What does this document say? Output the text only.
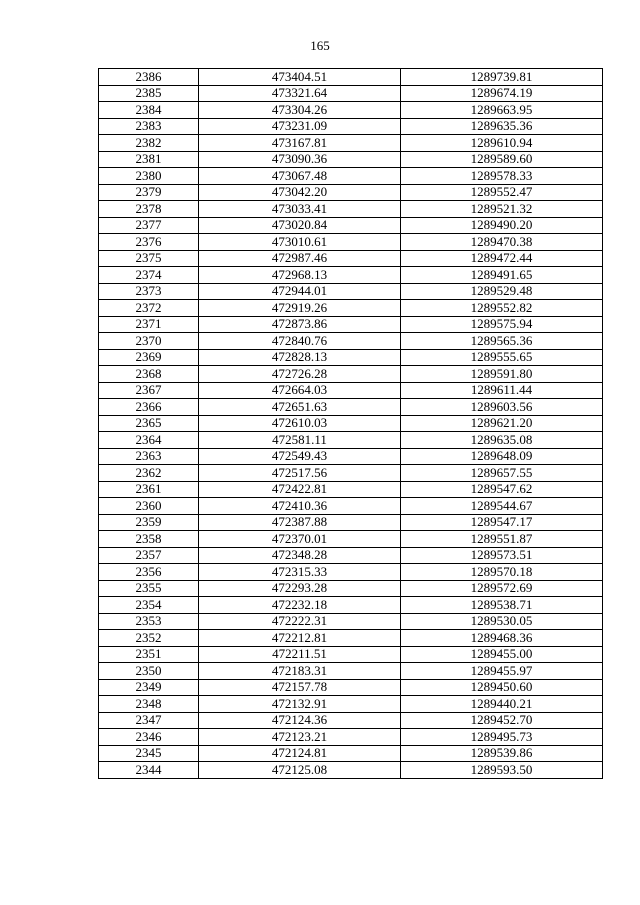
165
2386	473404.51	1289739.81
2385	473321.64	1289674.19
2384	473304.26	1289663.95
2383	473231.09	1289635.36
2382	473167.81	1289610.94
2381	473090.36	1289589.60
2380	473067.48	1289578.33
2379	473042.20	1289552.47
2378	473033.41	1289521.32
2377	473020.84	1289490.20
2376	473010.61	1289470.38
2375	472987.46	1289472.44
2374	472968.13	1289491.65
2373	472944.01	1289529.48
2372	472919.26	1289552.82
2371	472873.86	1289575.94
2370	472840.76	1289565.36
2369	472828.13	1289555.65
2368	472726.28	1289591.80
2367	472664.03	1289611.44
2366	472651.63	1289603.56
2365	472610.03	1289621.20
2364	472581.11	1289635.08
2363	472549.43	1289648.09
2362	472517.56	1289657.55
2361	472422.81	1289547.62
2360	472410.36	1289544.67
2359	472387.88	1289547.17
2358	472370.01	1289551.87
2357	472348.28	1289573.51
2356	472315.33	1289570.18
2355	472293.28	1289572.69
2354	472232.18	1289538.71
2353	472222.31	1289530.05
2352	472212.81	1289468.36
2351	472211.51	1289455.00
2350	472183.31	1289455.97
2349	472157.78	1289450.60
2348	472132.91	1289440.21
2347	472124.36	1289452.70
2346	472123.21	1289495.73
2345	472124.81	1289539.86
2344	472125.08	1289593.50
